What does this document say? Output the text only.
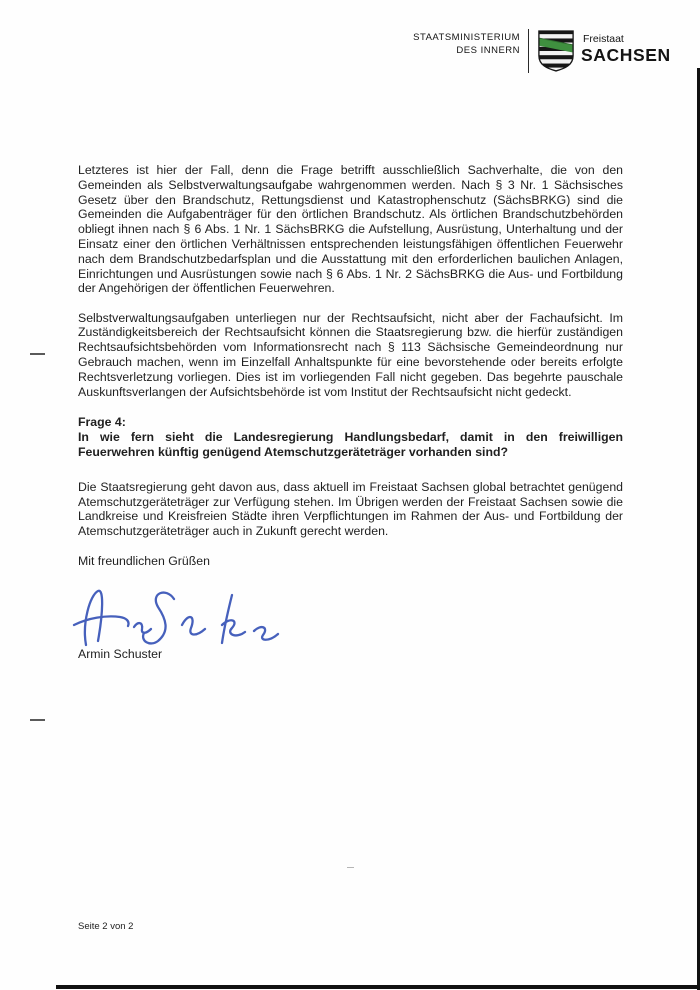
STAATSMINISTERIUM
DES INNERN
Freistaat
SACHSEN

Letzteres ist hier der Fall, denn die Frage betrifft ausschließlich Sachverhalte, die von den Gemeinden als Selbstverwaltungsaufgabe wahrgenommen werden. Nach § 3 Nr. 1 Sächsisches Gesetz über den Brandschutz, Rettungsdienst und Katastrophenschutz (SächsBRKG) sind die Gemeinden die Aufgabenträger für den örtlichen Brandschutz. Als örtlichen Brandschutzbehörden obliegt ihnen nach § 6 Abs. 1 Nr. 1 SächsBRKG die Aufstellung, Ausrüstung, Unterhaltung und der Einsatz einer den örtlichen Verhältnissen entsprechenden leistungsfähigen öffentlichen Feuerwehr nach dem Brandschutzbedarfsplan und die Ausstattung mit den erforderlichen baulichen Anlagen, Einrichtungen und Ausrüstungen sowie nach § 6 Abs. 1 Nr. 2 SächsBRKG die Aus- und Fortbildung der Angehörigen der öffentlichen Feuerwehren.

Selbstverwaltungsaufgaben unterliegen nur der Rechtsaufsicht, nicht aber der Fachaufsicht. Im Zuständigkeitsbereich der Rechtsaufsicht können die Staatsregierung bzw. die hierfür zuständigen Rechtsaufsichtsbehörden vom Informationsrecht nach § 113 Sächsische Gemeindeordnung nur Gebrauch machen, wenn im Einzelfall Anhaltspunkte für eine bevorstehende oder bereits erfolgte Rechtsverletzung vorliegen. Dies ist im vorliegenden Fall nicht gegeben. Das begehrte pauschale Auskunftsverlangen der Aufsichtsbehörde ist vom Institut der Rechtsaufsicht nicht gedeckt.

Frage 4:

In wie fern sieht die Landesregierung Handlungsbedarf, damit in den freiwilligen Feuerwehren künftig genügend Atemschutzgeräteträger vorhanden sind?

Die Staatsregierung geht davon aus, dass aktuell im Freistaat Sachsen global betrachtet genügend Atemschutzgeräteträger zur Verfügung stehen. Im Übrigen werden der Freistaat Sachsen sowie die Landkreise und Kreisfreien Städte ihren Verpflichtungen im Rahmen der Aus- und Fortbildung der Atemschutzgeräteträger auch in Zukunft gerecht werden.

Mit freundlichen Grüßen

Armin Schuster

Seite 2 von 2
